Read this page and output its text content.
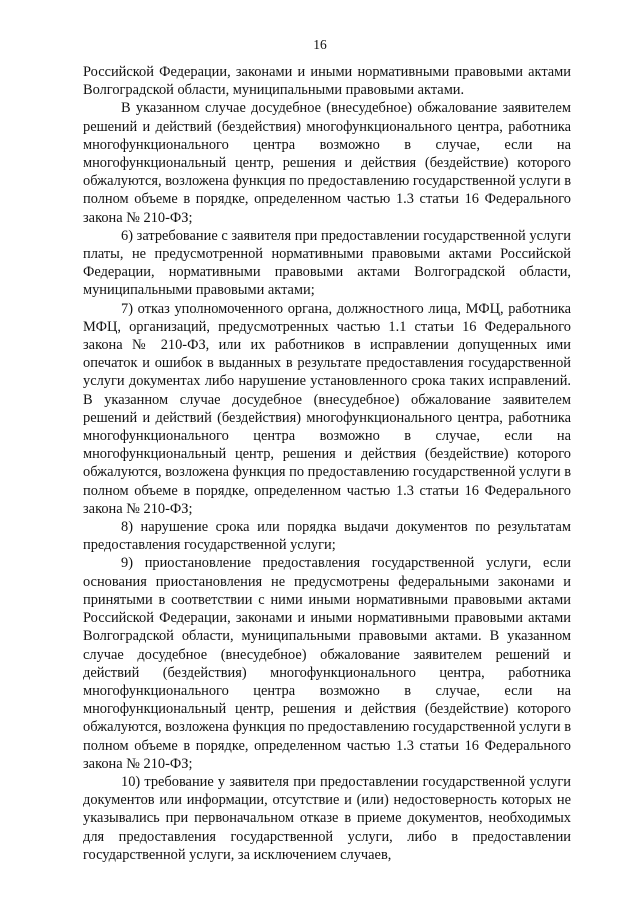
16

Российской Федерации, законами и иными нормативными правовыми актами Волгоградской области, муниципальными правовыми актами.

В указанном случае досудебное (внесудебное) обжалование заявителем решений и действий (бездействия) многофункционального центра, работника многофункционального центра возможно в случае, если на многофункциональный центр, решения и действия (бездействие) которого обжалуются, возложена функция по предоставлению государственной услуги в полном объеме в порядке, определенном частью 1.3 статьи 16 Федерального закона № 210-ФЗ;

6) затребование с заявителя при предоставлении государственной услуги платы, не предусмотренной нормативными правовыми актами Российской Федерации, нормативными правовыми актами Волгоградской области, муниципальными правовыми актами;

7) отказ уполномоченного органа, должностного лица, МФЦ, работника МФЦ, организаций, предусмотренных частью 1.1 статьи 16 Федерального закона № 210-ФЗ, или их работников в исправлении допущенных ими опечаток и ошибок в выданных в результате предоставления государственной услуги документах либо нарушение установленного срока таких исправлений. В указанном случае досудебное (внесудебное) обжалование заявителем решений и действий (бездействия) многофункционального центра, работника многофункционального центра возможно в случае, если на многофункциональный центр, решения и действия (бездействие) которого обжалуются, возложена функция по предоставлению государственной услуги в полном объеме в порядке, определенном частью 1.3 статьи 16 Федерального закона № 210-ФЗ;

8) нарушение срока или порядка выдачи документов по результатам предоставления государственной услуги;

9) приостановление предоставления государственной услуги, если основания приостановления не предусмотрены федеральными законами и принятыми в соответствии с ними иными нормативными правовыми актами Российской Федерации, законами и иными нормативными правовыми актами Волгоградской области, муниципальными правовыми актами. В указанном случае досудебное (внесудебное) обжалование заявителем решений и действий (бездействия) многофункционального центра, работника многофункционального центра возможно в случае, если на многофункциональный центр, решения и действия (бездействие) которого обжалуются, возложена функция по предоставлению государственной услуги в полном объеме в порядке, определенном частью 1.3 статьи 16 Федерального закона № 210-ФЗ;

10) требование у заявителя при предоставлении государственной услуги документов или информации, отсутствие и (или) недостоверность которых не указывались при первоначальном отказе в приеме документов, необходимых для предоставления государственной услуги, либо в предоставлении государственной услуги, за исключением случаев,
